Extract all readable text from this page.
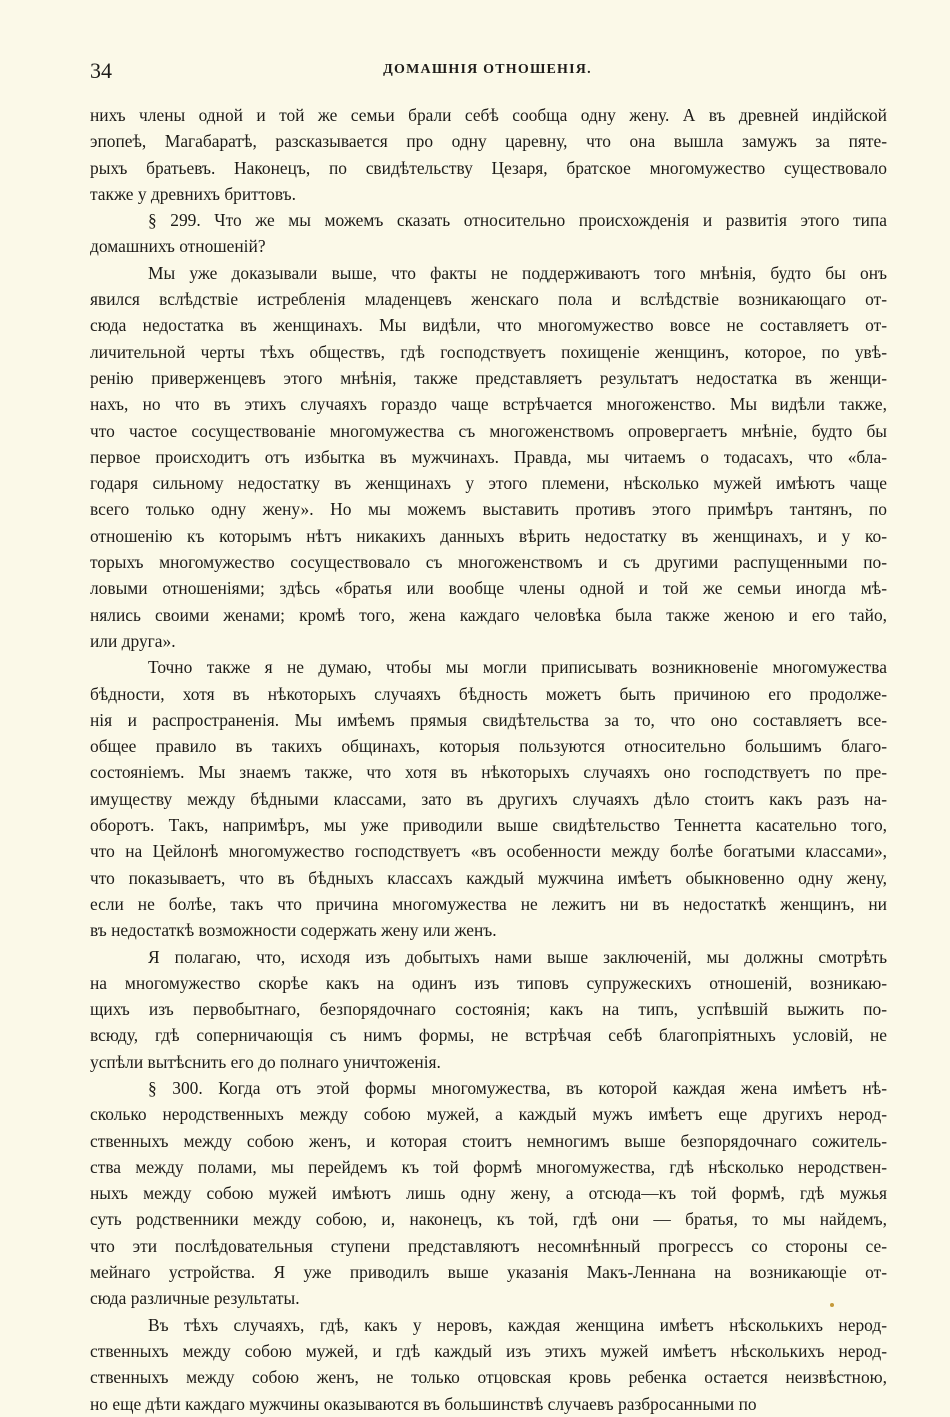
34	ДОМАШНІЯ ОТНОШЕНІЯ.
нихъ члены одной и той же семьи брали себѣ сообща одну жену. А въ древней индійской
эпопеѣ, Магабаратѣ, разсказывается про одну царевну, что она вышла замужъ за пяте-
рыхъ братьевъ. Наконецъ, по свидѣтельству Цезаря, братское многомужество существовало
также у древнихъ бриттовъ.
§ 299. Что же мы можемъ сказать относительно происхожденія и развитія этого типа
домашнихъ отношеній?
Мы уже доказывали выше, что факты не поддерживаютъ того мнѣнія, будто бы онъ
явился вслѣдствіе истребленія младенцевъ женскаго пола и вслѣдствіе возникающаго от-
сюда недостатка въ женщинахъ. Мы видѣли, что многомужество вовсе не составляетъ от-
личительной черты тѣхъ обществъ, гдѣ господствуетъ похищеніе женщинъ, которое, по увѣ-
ренію приверженцевъ этого мнѣнія, также представляетъ результатъ недостатка въ женщи-
нахъ, но что въ этихъ случаяхъ гораздо чаще встрѣчается многоженство. Мы видѣли также,
что частое сосуществованіе многомужества съ многоженствомъ опровергаетъ мнѣніе, будто бы
первое происходитъ отъ избытка въ мужчинахъ. Правда, мы читаемъ о тодасахъ, что «бла-
годаря сильному недостатку въ женщинахъ у этого племени, нѣсколько мужей имѣютъ чаще
всего только одну жену». Но мы можемъ выставить противъ этого примѣръ тантянъ, по
отношенію къ которымъ нѣтъ никакихъ данныхъ вѣрить недостатку въ женщинахъ, и у ко-
торыхъ многомужество сосуществовало съ многоженствомъ и съ другими распущенными по-
ловыми отношеніями; здѣсь «братья или вообще члены одной и той же семьи иногда мѣ-
нялись своими женами; кромѣ того, жена каждаго человѣка была также женою и его тайо,
или друга».
Точно также я не думаю, чтобы мы могли приписывать возникновеніе многомужества
бѣдности, хотя въ нѣкоторыхъ случаяхъ бѣдность можетъ быть причиною его продолже-
нія и распространенія. Мы имѣемъ прямыя свидѣтельства за то, что оно составляетъ все-
общее правило въ такихъ общинахъ, которыя пользуются относительно большимъ благо-
состояніемъ. Мы знаемъ также, что хотя въ нѣкоторыхъ случаяхъ оно господствуетъ по пре-
имуществу между бѣдными классами, зато въ другихъ случаяхъ дѣло стоитъ какъ разъ на-
оборотъ. Такъ, напримѣръ, мы уже приводили выше свидѣтельство Теннетта касательно того,
что на Цейлонѣ многомужество господствуетъ «въ особенности между болѣе богатыми классами»,
что показываетъ, что въ бѣдныхъ классахъ каждый мужчина имѣетъ обыкновенно одну жену,
если не болѣе, такъ что причина многомужества не лежитъ ни въ недостаткѣ женщинъ, ни
въ недостаткѣ возможности содержать жену или женъ.
Я полагаю, что, исходя изъ добытыхъ нами выше заключеній, мы должны смотрѣть
на многомужество скорѣе какъ на одинъ изъ типовъ супружескихъ отношеній, возникаю-
щихъ изъ первобытнаго, безпорядочнаго состоянія; какъ на типъ, успѣвшій выжить по-
всюду, гдѣ соперничающія съ нимъ формы, не встрѣчая себѣ благопріятныхъ условій, не
успѣли вытѣснить его до полнаго уничтоженія.
§ 300. Когда отъ этой формы многомужества, въ которой каждая жена имѣетъ нѣ-
сколько неродственныхъ между собою мужей, а каждый мужъ имѣетъ еще другихъ нерод-
ственныхъ между собою женъ, и которая стоитъ немногимъ выше безпорядочнаго сожитель-
ства между полами, мы перейдемъ къ той формѣ многомужества, гдѣ нѣсколько неродствен-
ныхъ между собою мужей имѣютъ лишь одну жену, а отсюда—къ той формѣ, гдѣ мужья
суть родственники между собою, и, наконецъ, къ той, гдѣ они — братья, то мы найдемъ,
что эти послѣдовательныя ступени представляютъ несомнѣнный прогрессъ со стороны се-
мейнаго устройства. Я уже приводилъ выше указанія Макъ-Леннана на возникающіе от-
сюда различные результаты.
Въ тѣхъ случаяхъ, гдѣ, какъ у неровъ, каждая женщина имѣетъ нѣсколькихъ нерод-
ственныхъ между собою мужей, и гдѣ каждый изъ этихъ мужей имѣетъ нѣсколькихъ нерод-
ственныхъ между собою женъ, не только отцовская кровь ребенка остается неизвѣстною,
но еще дѣти каждаго мужчины оказываются въ большинствѣ случаевъ разбросанными по
